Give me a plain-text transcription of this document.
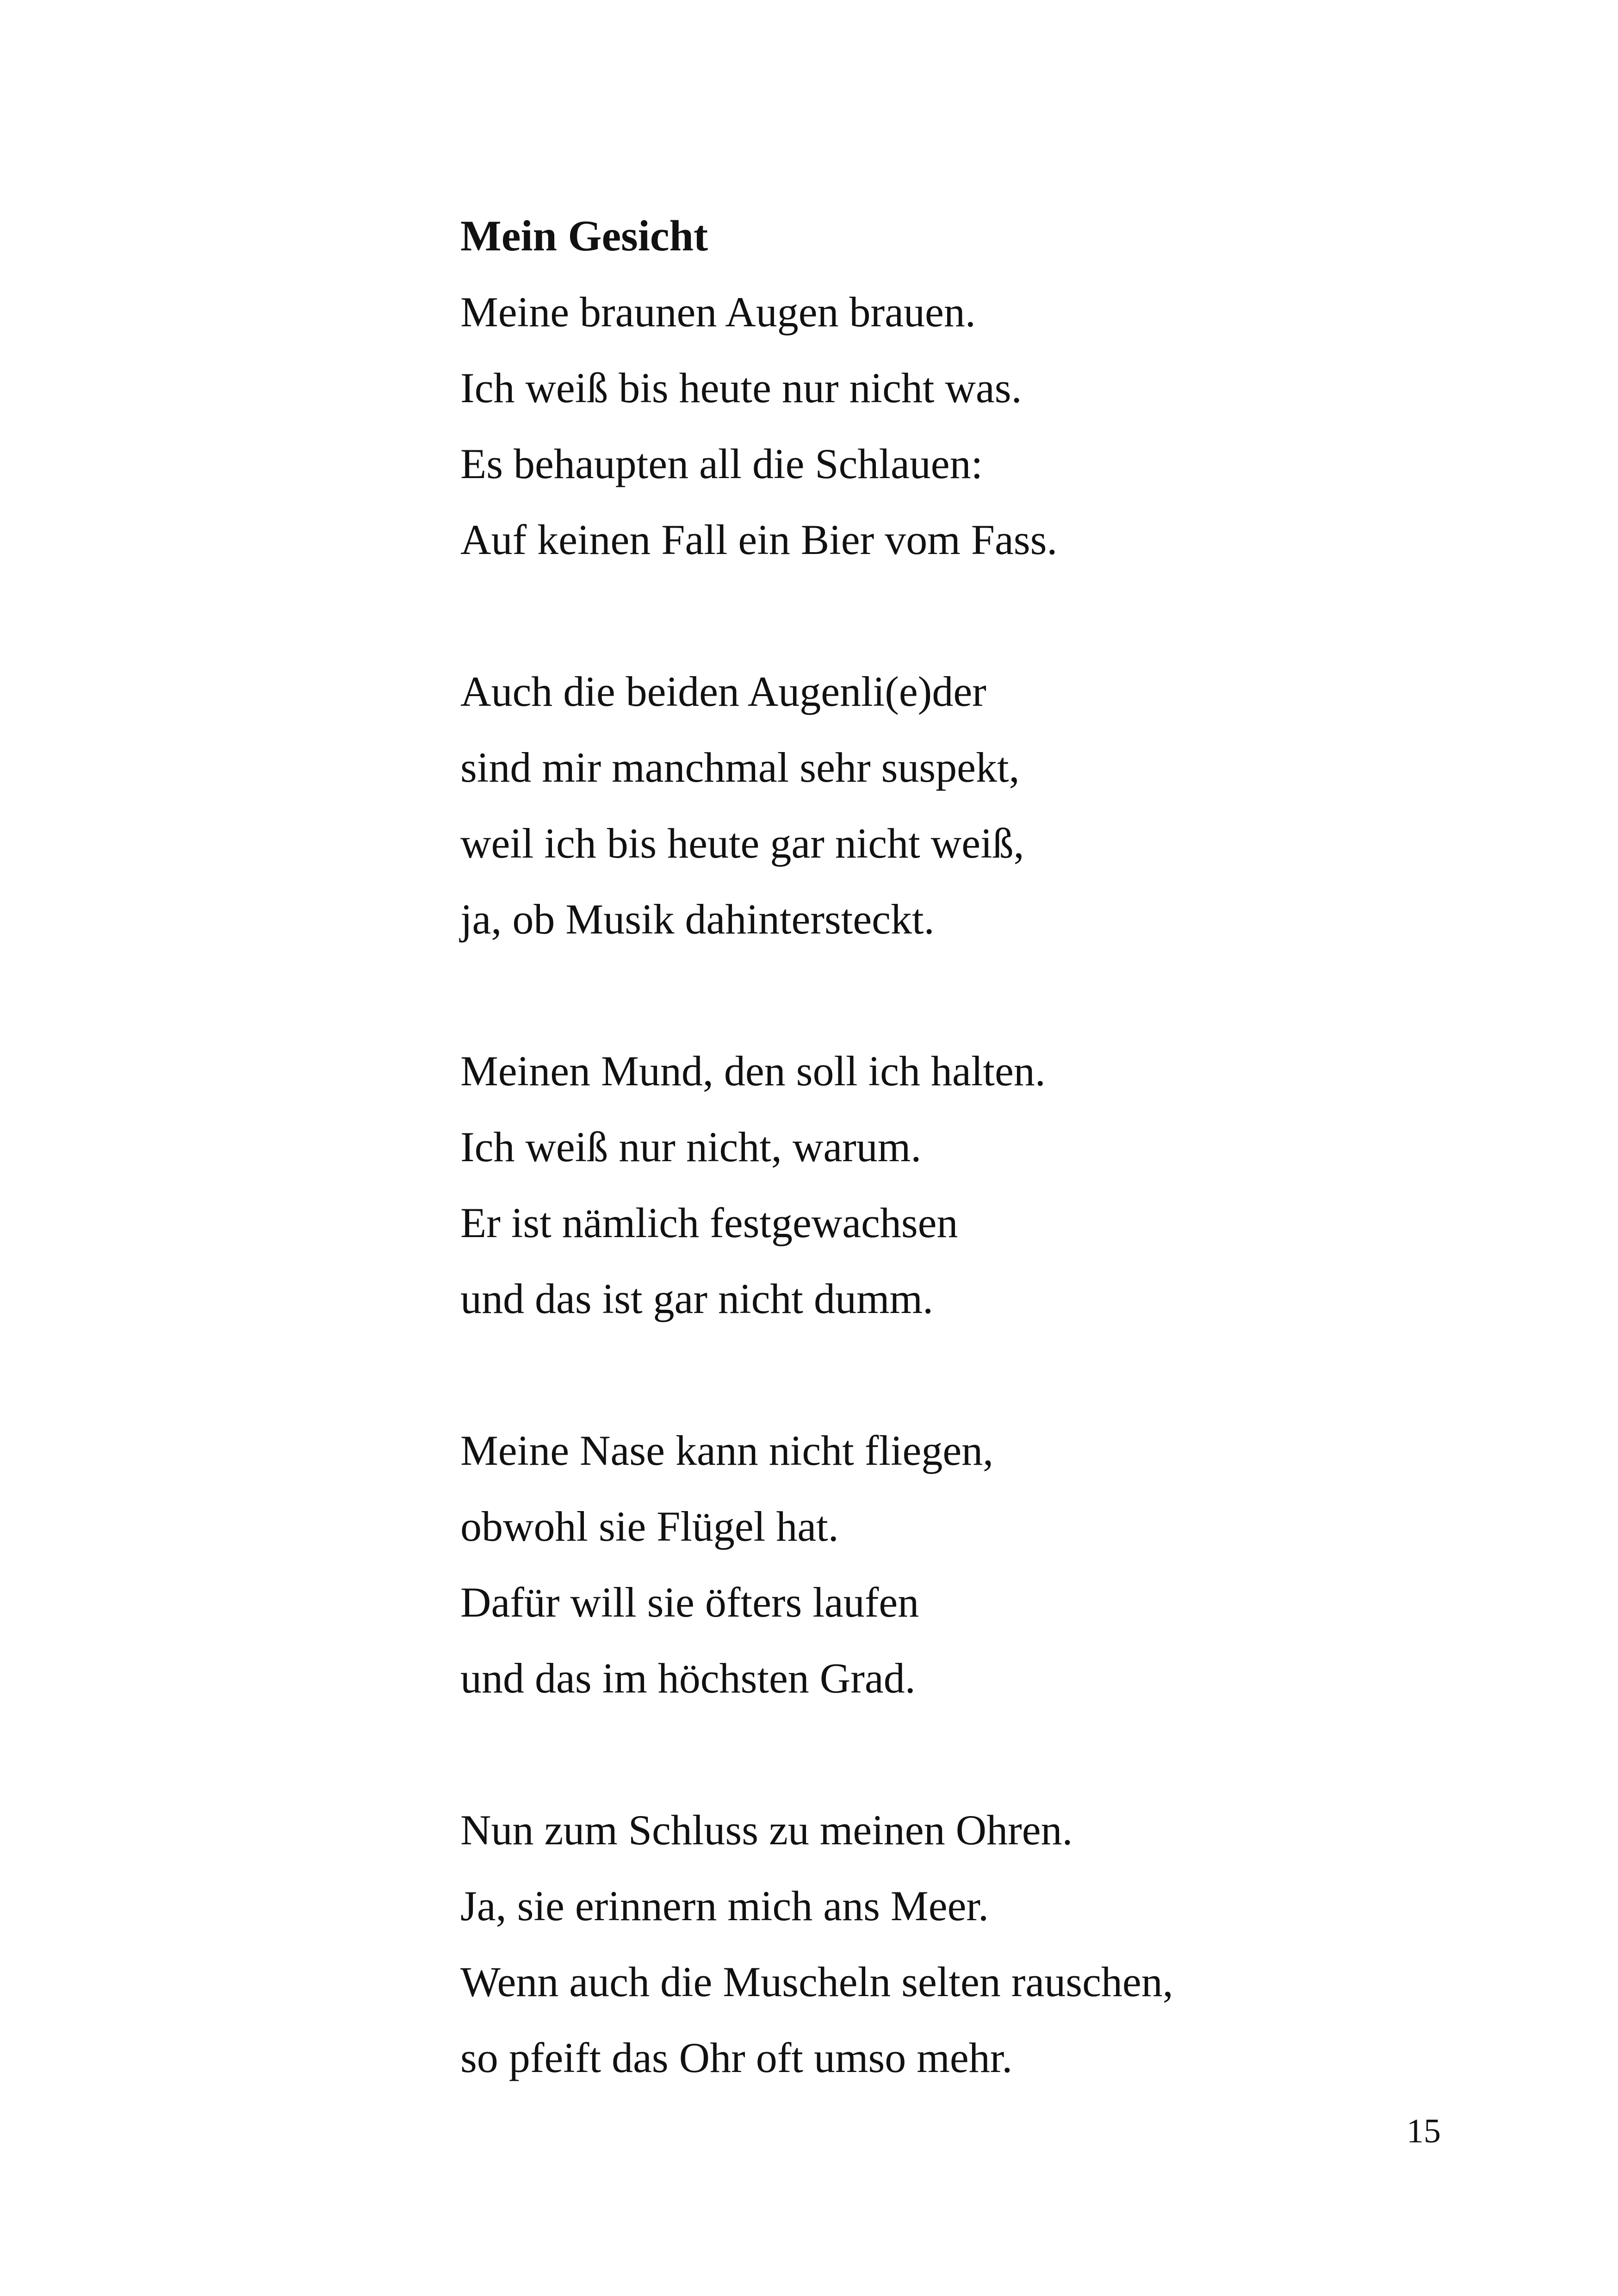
Mein Gesicht
Meine braunen Augen brauen.
Ich weiß bis heute nur nicht was.
Es behaupten all die Schlauen:
Auf keinen Fall ein Bier vom Fass.
Auch die beiden Augenli(e)der
sind mir manchmal sehr suspekt,
weil ich bis heute gar nicht weiß,
ja, ob Musik dahintersteckt.
Meinen Mund, den soll ich halten.
Ich weiß nur nicht, warum.
Er ist nämlich festgewachsen
und das ist gar nicht dumm.
Meine Nase kann nicht fliegen,
obwohl sie Flügel hat.
Dafür will sie öfters laufen
und das im höchsten Grad.
Nun zum Schluss zu meinen Ohren.
Ja, sie erinnern mich ans Meer.
Wenn auch die Muscheln selten rauschen,
so pfeift das Ohr oft umso mehr.
15
